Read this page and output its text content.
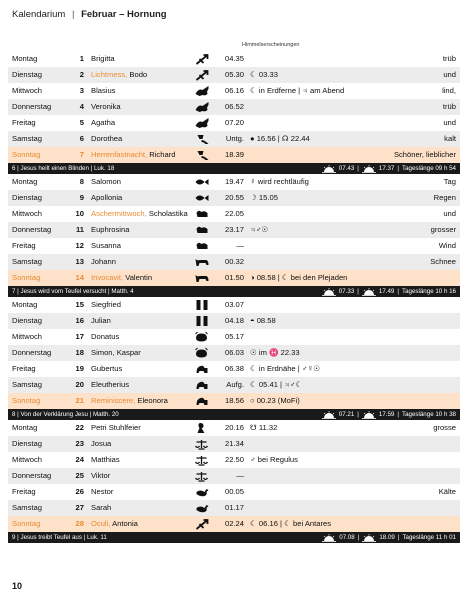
Kalendarium | Februar – Hornung
Himmelserscheinungen
Montag	1 Brigitta	04.35	trüb
Dienstag	2 Lichtmess, Bodo	05.30 ☾ 03.33	und
Mittwoch	3 Blasius	06.16 ☾ in Erdferne | ♃ am Abend	lind,
Donnerstag	4 Veronika	06.52	trüb
Freitag	5 Agatha	07.20	und
Samstag	6 Dorothea	Untg. ● 16.56 | ☊ 22.44	kalt
Sonntag	7 Herrenfastnacht, Richard	18.39	Schöner, lieblicher
6 | Jesus heilt einen Blinden | Luk. 18	07.43 |	17.37 | Tageslänge 09 h 54
Montag	8 Salomon	19.47 ☿ wird rechtläufig	Tag
Dienstag	9 Apollonia	20.55 ☽ 15.05	Regen
Mittwoch	10 Aschermittwoch, Scholastika	22.05	und
Donnerstag	11 Euphrosina	23.17 ♃♂☉	grosser
Freitag	12 Susanna	—	Wind
Samstag	13 Johann	00.32	Schnee
Sonntag	14 Invocavit, Valentin	01.50 ◑ 08.58 | ☾ bei den Plejaden
7 | Jesus wird vom Teufel versucht | Matth. 4	07.33 |	17.49 | Tageslänge 10 h 16
Montag	15 Siegfried	03.07
Dienstag	16 Julian	04.18 ◓ 08.58
Mittwoch	17 Donatus	05.17
Donnerstag	18 Simon, Kaspar	06.03 ☉ im ♓ 22.33
Freitag	19 Gubertus	06.38 ☾ in Erdnähe | ♂☿☉
Samstag	20 Eleutherius	Aufg. ☾ 05.41 | ♃♂☾
Sonntag	21 Reminiscere, Eleonora	18.56 ○ 00.23 (MoFi)
8 | Von der Verklärung Jesu | Matth. 20	07.21 |	17.59 | Tageslänge 10 h 38
Montag	22 Petri Stuhlfeier	20.16 ☋ 11.32	grosse
Dienstag	23 Josua	21.34
Mittwoch	24 Matthias	22.50 ♂ bei Regulus
Donnerstag	25 Viktor	—
Freitag	26 Nestor	00.05	Kälte
Samstag	27 Sarah	01.17
Sonntag	28 Oculi, Antonia	02.24 ☾ 06.16 | ☾ bei Antares
9 | Jesus treibt Teufel aus | Luk. 11	07.08 |	18.09 | Tageslänge 11 h 01
10
